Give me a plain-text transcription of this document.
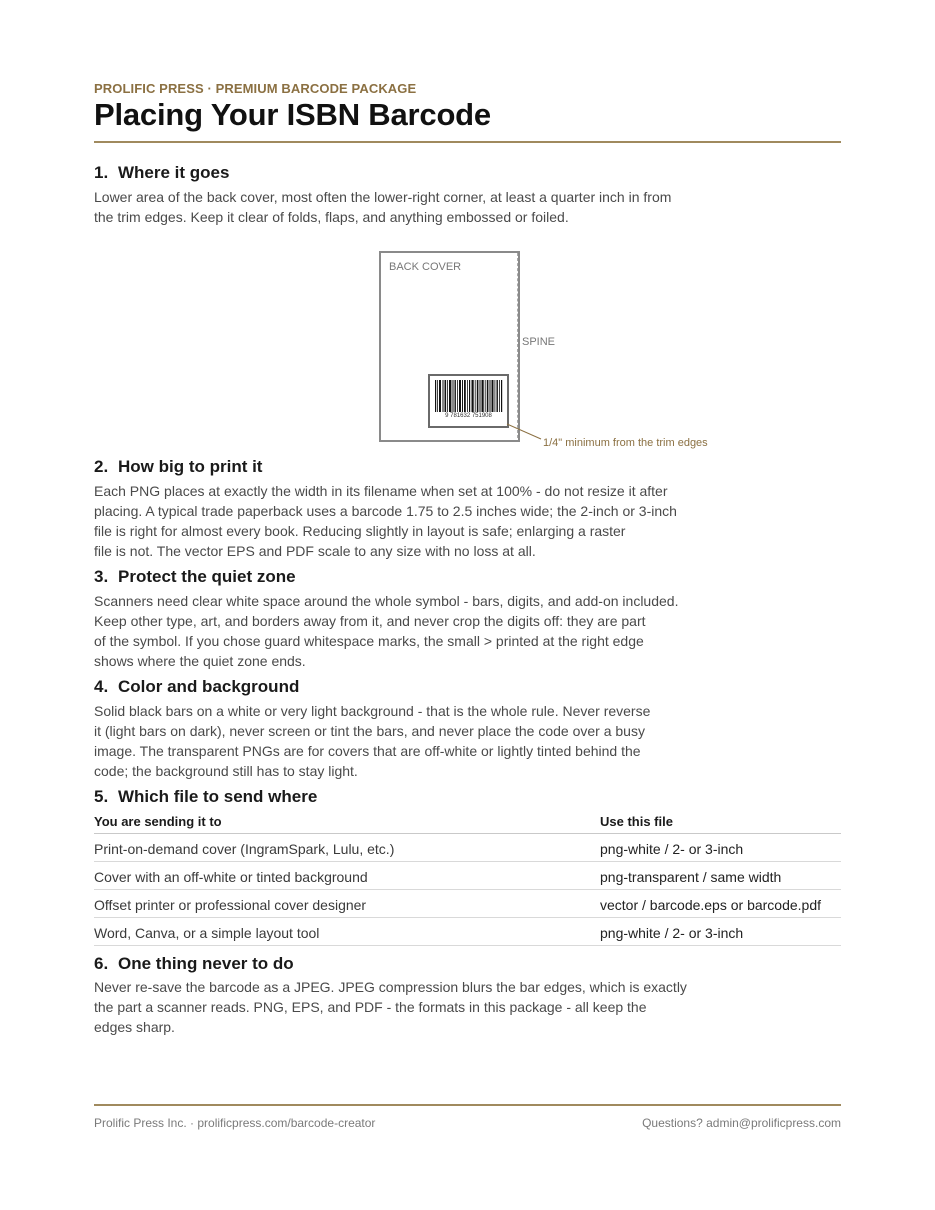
PROLIFIC PRESS · PREMIUM BARCODE PACKAGE
Placing Your ISBN Barcode
1. Where it goes
Lower area of the back cover, most often the lower-right corner, at least a quarter inch in from
the trim edges. Keep it clear of folds, flaps, and anything embossed or foiled.
BACK COVER
SPINE
9 781632 751908
1/4" minimum from the trim edges
2. How big to print it
Each PNG places at exactly the width in its filename when set at 100% - do not resize it after
placing. A typical trade paperback uses a barcode 1.75 to 2.5 inches wide; the 2-inch or 3-inch
file is right for almost every book. Reducing slightly in layout is safe; enlarging a raster
file is not. The vector EPS and PDF scale to any size with no loss at all.
3. Protect the quiet zone
Scanners need clear white space around the whole symbol - bars, digits, and add-on included.
Keep other type, art, and borders away from it, and never crop the digits off: they are part
of the symbol. If you chose guard whitespace marks, the small > printed at the right edge
shows where the quiet zone ends.
4. Color and background
Solid black bars on a white or very light background - that is the whole rule. Never reverse
it (light bars on dark), never screen or tint the bars, and never place the code over a busy
image. The transparent PNGs are for covers that are off-white or lightly tinted behind the
code; the background still has to stay light.
5. Which file to send where
You are sending it to	Use this file
Print-on-demand cover (IngramSpark, Lulu, etc.)	png-white / 2- or 3-inch
Cover with an off-white or tinted background	png-transparent / same width
Offset printer or professional cover designer	vector / barcode.eps or barcode.pdf
Word, Canva, or a simple layout tool	png-white / 2- or 3-inch
6. One thing never to do
Never re-save the barcode as a JPEG. JPEG compression blurs the bar edges, which is exactly
the part a scanner reads. PNG, EPS, and PDF - the formats in this package - all keep the
edges sharp.
Prolific Press Inc. · prolificpress.com/barcode-creator	Questions? admin@prolificpress.com
